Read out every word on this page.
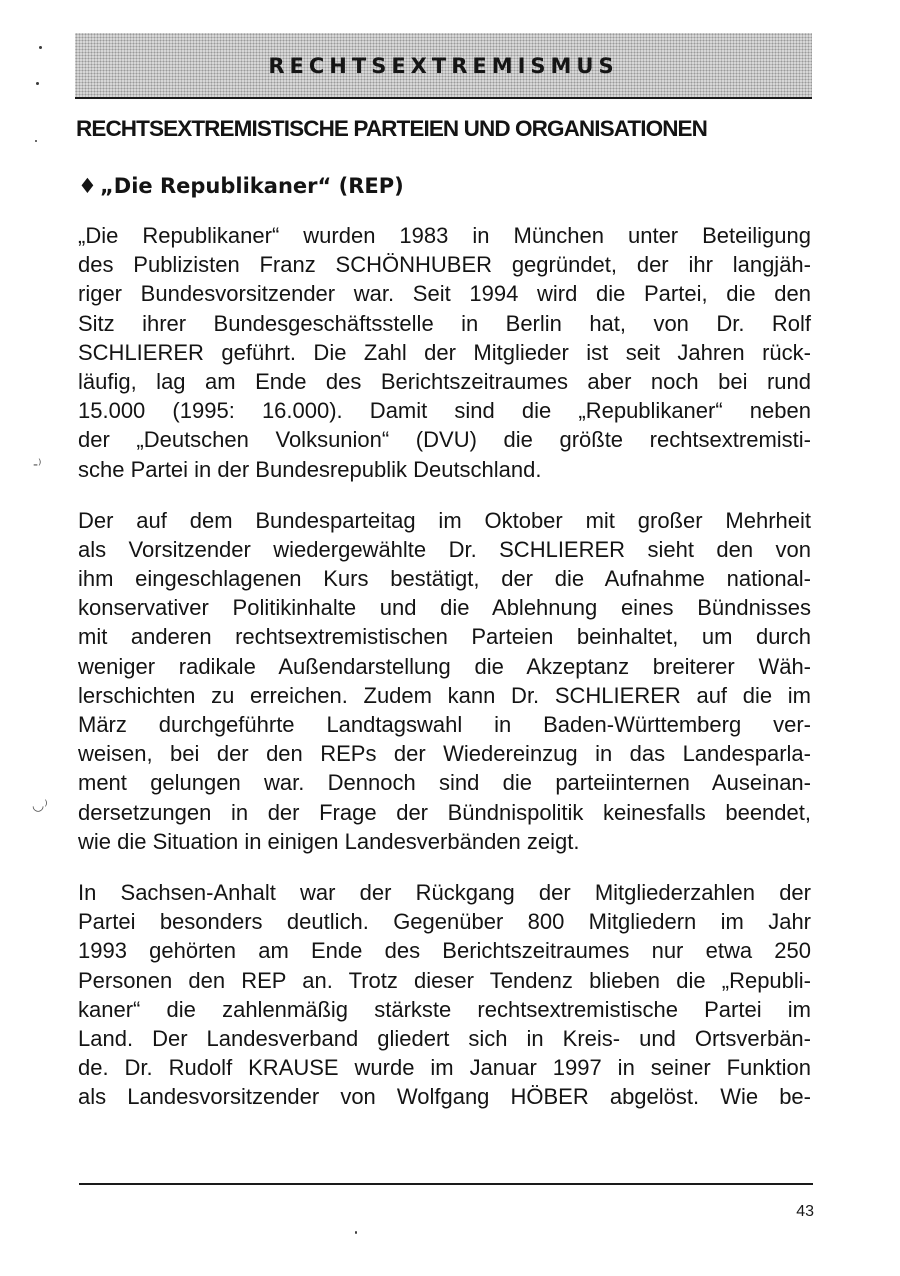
RECHTSEXTREMISMUS
RECHTSEXTREMISTISCHE PARTEIEN UND ORGANISATIONEN
♦ „Die Republikaner“ (REP)
„Die Republikaner“ wurden 1983 in München unter Beteiligung
des Publizisten Franz SCHÖNHUBER gegründet, der ihr langjäh-
riger Bundesvorsitzender war. Seit 1994 wird die Partei, die den
Sitz ihrer Bundesgeschäftsstelle in Berlin hat, von Dr. Rolf
SCHLIERER geführt. Die Zahl der Mitglieder ist seit Jahren rück-
läufig, lag am Ende des Berichtszeitraumes aber noch bei rund
15.000 (1995: 16.000). Damit sind die „Republikaner“ neben
der „Deutschen Volksunion“ (DVU) die größte rechtsextremisti-
sche Partei in der Bundesrepublik Deutschland.
Der auf dem Bundesparteitag im Oktober mit großer Mehrheit
als Vorsitzender wiedergewählte Dr. SCHLIERER sieht den von
ihm eingeschlagenen Kurs bestätigt, der die Aufnahme national-
konservativer Politikinhalte und die Ablehnung eines Bündnisses
mit anderen rechtsextremistischen Parteien beinhaltet, um durch
weniger radikale Außendarstellung die Akzeptanz breiterer Wäh-
lerschichten zu erreichen. Zudem kann Dr. SCHLIERER auf die im
März durchgeführte Landtagswahl in Baden-Württemberg ver-
weisen, bei der den REPs der Wiedereinzug in das Landesparla-
ment gelungen war. Dennoch sind die parteiinternen Auseinan-
dersetzungen in der Frage der Bündnispolitik keinesfalls beendet,
wie die Situation in einigen Landesverbänden zeigt.
In Sachsen-Anhalt war der Rückgang der Mitgliederzahlen der
Partei besonders deutlich. Gegenüber 800 Mitgliedern im Jahr
1993 gehörten am Ende des Berichtszeitraumes nur etwa 250
Personen den REP an. Trotz dieser Tendenz blieben die „Republi-
kaner“ die zahlenmäßig stärkste rechtsextremistische Partei im
Land. Der Landesverband gliedert sich in Kreis- und Ortsverbän-
de. Dr. Rudolf KRAUSE wurde im Januar 1997 in seiner Funktion
als Landesvorsitzender von Wolfgang HÖBER abgelöst. Wie be-
43
-⁾
◡⁾
